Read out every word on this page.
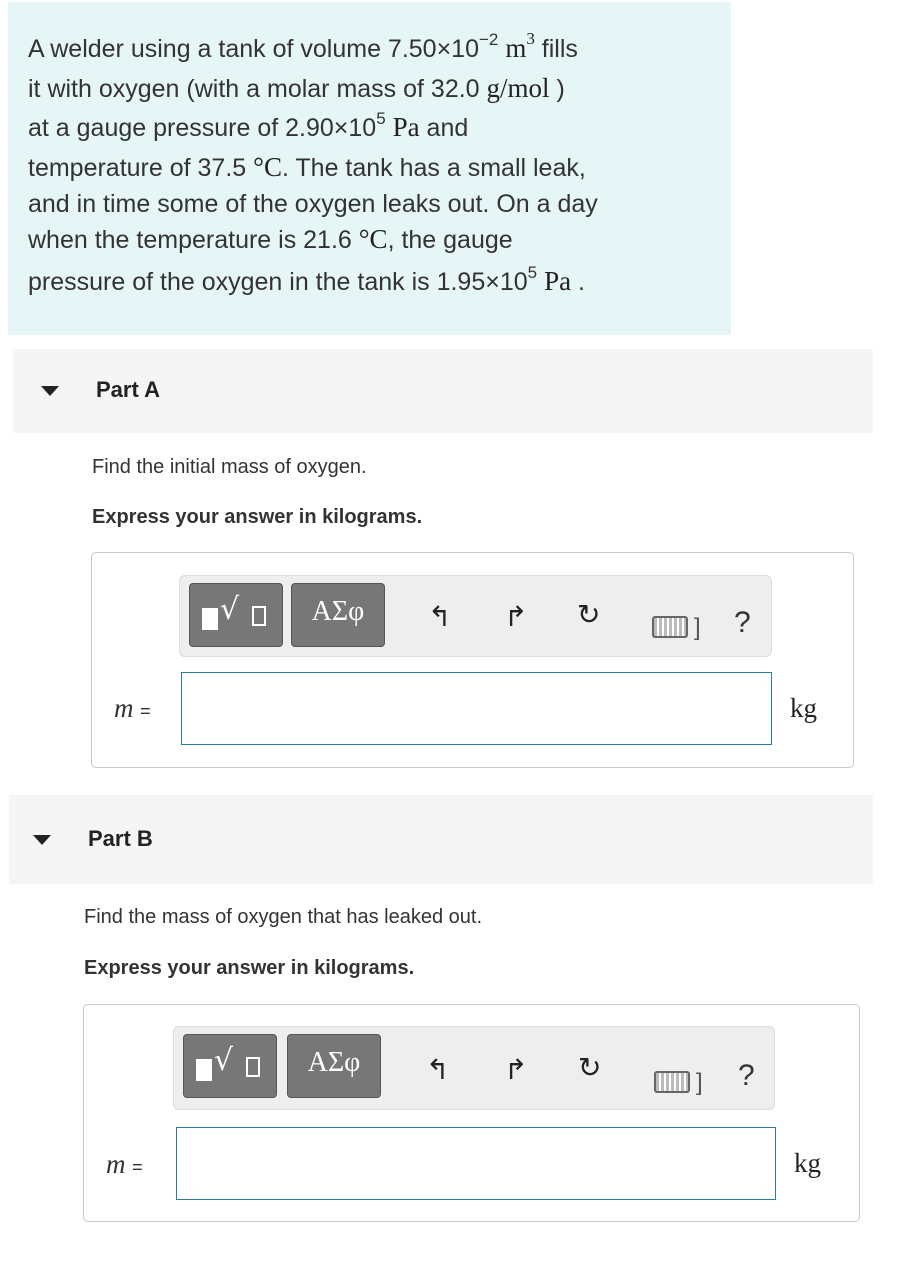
A welder using a tank of volume $7.50\times 10^{-2}$ $m^3$ fills

it with oxygen (with a molar mass of 32.0 g/mol )

at a gauge pressure of $2.90\times 10^5$ Pa and

temperature of 37.5 °C. The tank has a small leak,

and in time some of the oxygen leaks out. On a day

when the temperature is 21.6 °C, the gauge

pressure of the oxygen in the tank is $1.95\times 10^5$ Pa .

Part A
Find the initial mass of oxygen.
Express your answer in kilograms.
√	ΑΣφ	↰ ↱ ↻	] ?
m =	kg
Part B
Find the mass of oxygen that has leaked out.
Express your answer in kilograms.
√	ΑΣφ	↰ ↱ ↻	] ?
m =	kg
